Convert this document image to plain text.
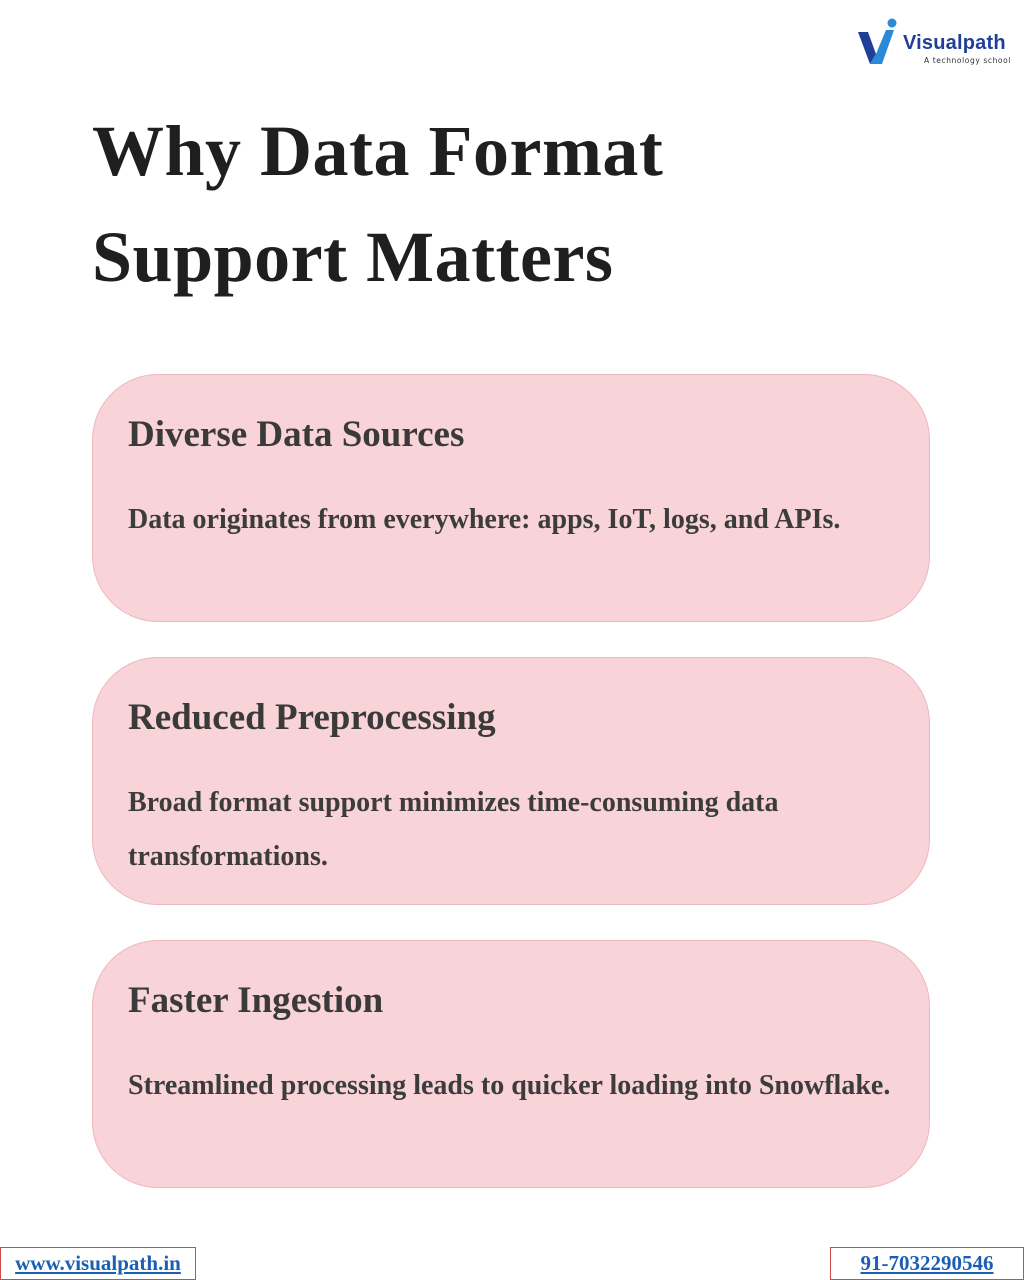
Visualpath
A technology school
Why Data Format
Support Matters
Diverse Data Sources

Data originates from everywhere: apps, IoT, logs, and APIs.

Reduced Preprocessing

Broad format support minimizes time-consuming data transformations.

Faster Ingestion

Streamlined processing leads to quicker loading into Snowflake.

www.visualpath.in	91-7032290546
